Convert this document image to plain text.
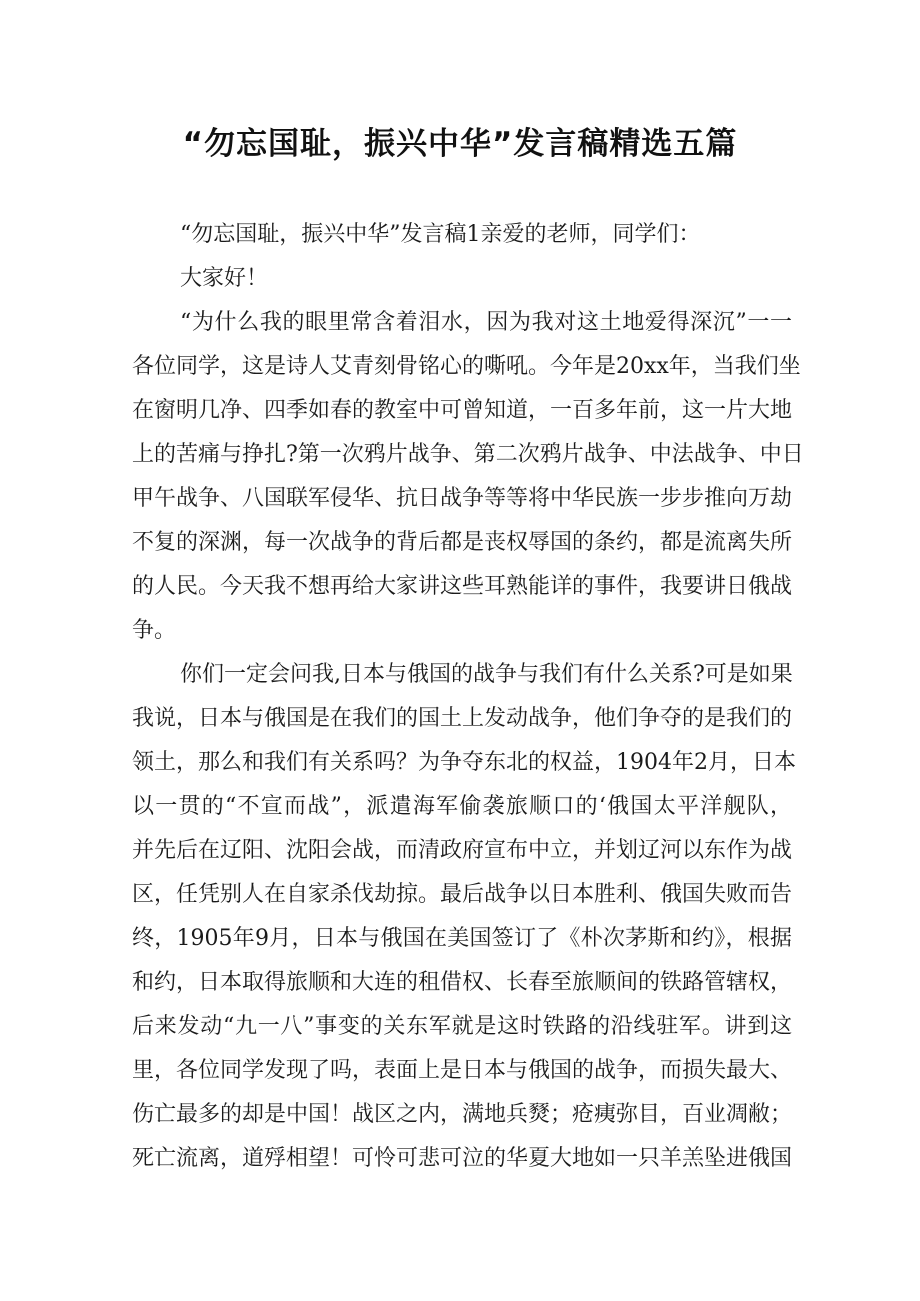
“勿忘国耻，振兴中华”发言稿精选五篇

“勿忘国耻，振兴中华”发言稿1亲爱的老师，同学们：

大家好！

“为什么我的眼里常含着泪水，因为我对这土地爱得深沉”一一

各位同学，这是诗人艾青刻骨铭心的嘶吼。今年是20xx年，当我们坐

在窗明几净、四季如春的教室中可曾知道，一百多年前，这一片大地

上的苦痛与挣扎?第一次鸦片战争、第二次鸦片战争、中法战争、中日

甲午战争、八国联军侵华、抗日战争等等将中华民族一步步推向万劫

不复的深渊，每一次战争的背后都是丧权辱国的条约，都是流离失所

的人民。今天我不想再给大家讲这些耳熟能详的事件，我要讲日俄战

争。

你们一定会问我,日本与俄国的战争与我们有什么关系?可是如果

我说，日本与俄国是在我们的国土上发动战争，他们争夺的是我们的

领土，那么和我们有关系吗？为争夺东北的权益，1904年2月，日本

以一贯的“不宣而战”，派遣海军偷袭旅顺口的‘俄国太平洋舰队，

并先后在辽阳、沈阳会战，而清政府宣布中立，并划辽河以东作为战

区，任凭别人在自家杀伐劫掠。最后战争以日本胜利、俄国失败而告

终，1905年9月，日本与俄国在美国签订了《朴次茅斯和约》，根据

和约，日本取得旅顺和大连的租借权、长春至旅顺间的铁路管辖权，

后来发动“九一八”事变的关东军就是这时铁路的沿线驻军。讲到这

里，各位同学发现了吗，表面上是日本与俄国的战争，而损失最大、

伤亡最多的却是中国！战区之内，满地兵燹；疮痍弥目，百业凋敝；

死亡流离，道殍相望！可怜可悲可泣的华夏大地如一只羊羔坠进俄国
